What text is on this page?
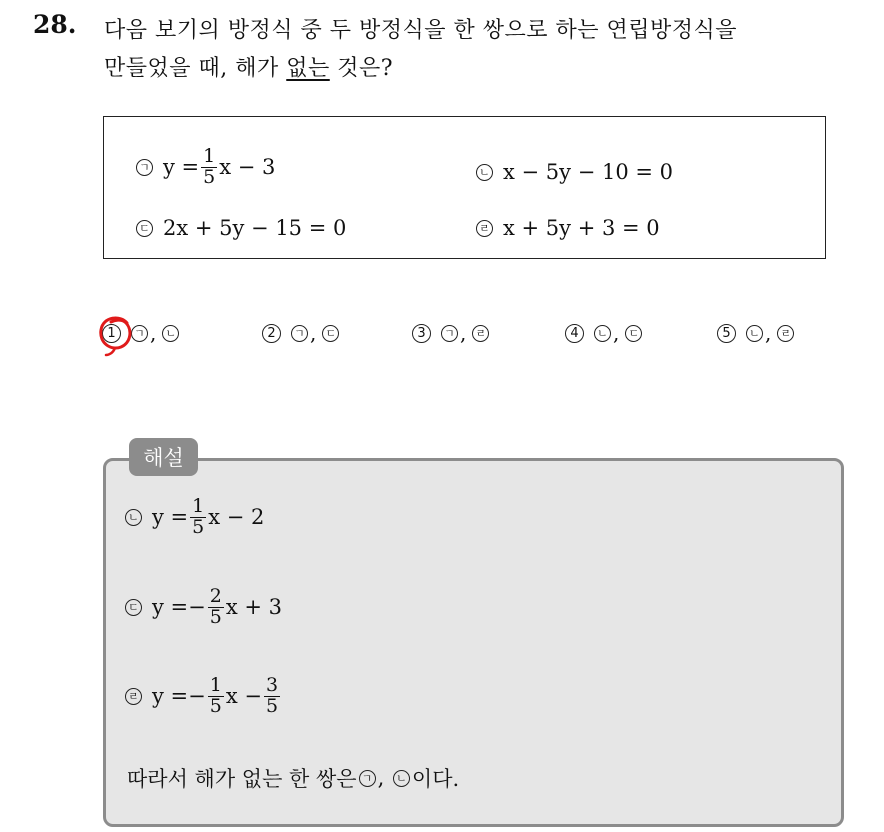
28. 다음 보기의 방정식 중 두 방정식을 한 쌍으로 하는 연립방정식을
만들었을 때, 해가 없는 것은?
ㄱ $y = \frac{1}{5}$ x − 3	ㄴ x − 5y − 10 = 0
ㄷ 2x + 5y − 15 = 0	ㄹ x + 5y + 3 = 0
1	ㄱ , ㄴ	2	ㄱ , ㄷ	3	ㄱ , ㄹ	4	ㄴ , ㄷ	5	ㄴ , ㄹ
해설
ㄴ $y = \frac{1}{5}$ x − 2
ㄷ y = − $\frac{2}{5}$ x + 3
ㄹ y = − $\frac{1}{5}$ $x - \frac{3}{5}$
따라서 해가 없는 한 쌍은 ㄱ , ㄴ 이다.
